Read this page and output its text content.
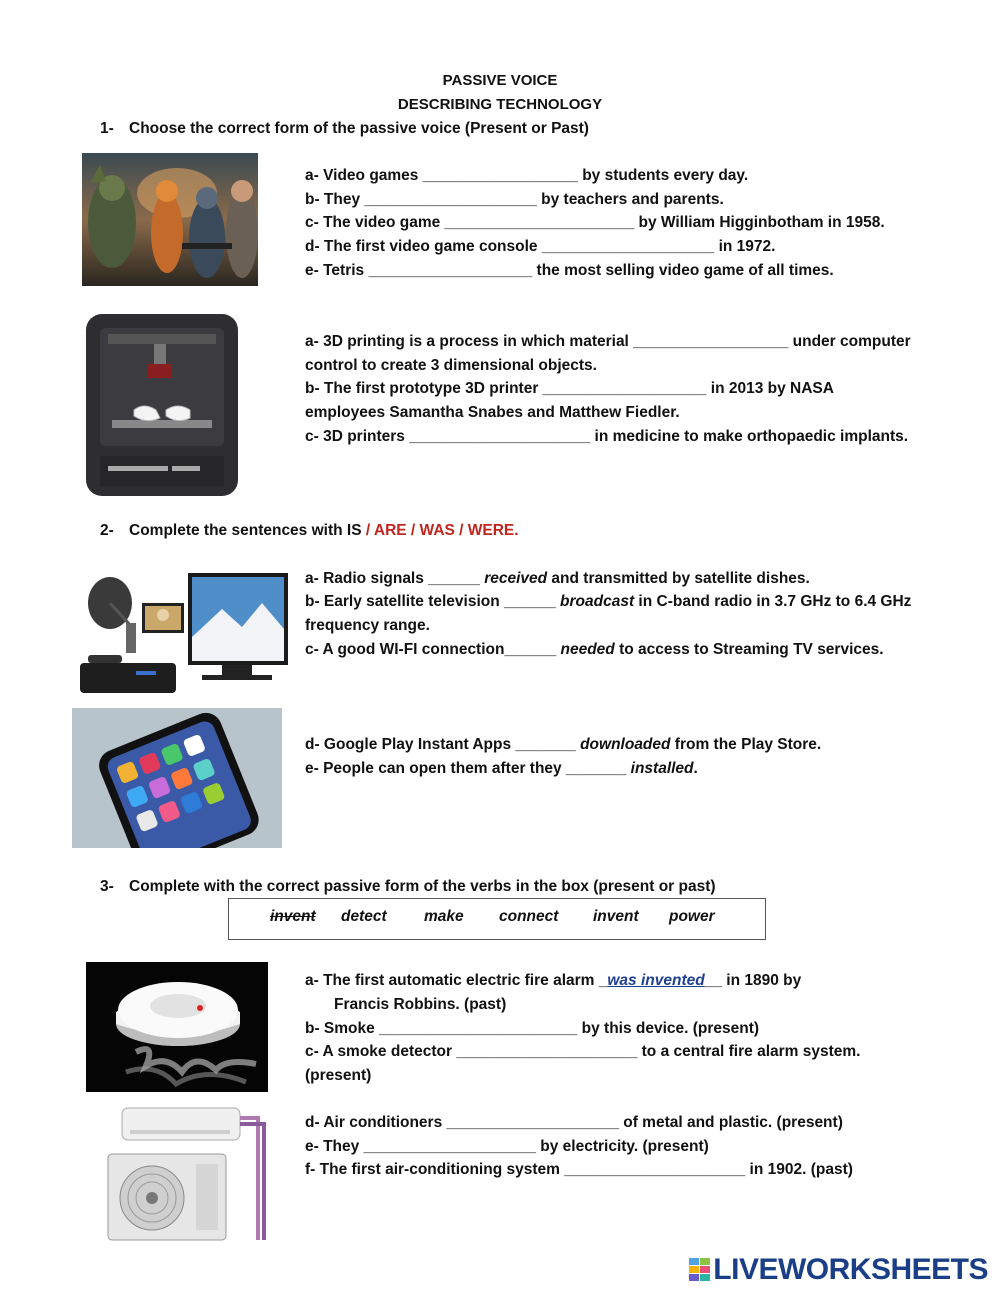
PASSIVE VOICE
DESCRIBING TECHNOLOGY
1- Choose the correct form of the passive voice (Present or Past)
a- Video games __________________ by students every day.
b- They ____________________ by teachers and parents.
c- The video game ______________________ by William Higginbotham in 1958.
d- The first video game console ____________________ in 1972.
e- Tetris ___________________ the most selling video game of all times.
a- 3D printing is a process in which material __________________ under computer
control to create 3 dimensional objects.
b- The first prototype 3D printer ___________________ in 2013 by NASA
employees Samantha Snabes and Matthew Fiedler.
c- 3D printers _____________________ in medicine to make orthopaedic implants.
2- Complete the sentences with IS / ARE / WAS / WERE.
a- Radio signals ______ received and transmitted by satellite dishes.
b- Early satellite television ______ broadcast in C-band radio in 3.7 GHz to 6.4 GHz
frequency range.
c- A good WI-FI connection______ needed to access to Streaming TV services.
d- Google Play Instant Apps _______ downloaded from the Play Store.
e- People can open them after they _______ installed.
3- Complete with the correct passive form of the verbs in the box (present or past)
invent detect make connect invent power
a- The first automatic electric fire alarm _was invented__ in 1890 by
Francis Robbins. (past)
b- Smoke _______________________ by this device. (present)
c- A smoke detector _____________________ to a central fire alarm system.
(present)
d- Air conditioners ____________________ of metal and plastic. (present)
e- They ____________________ by electricity. (present)
f- The first air-conditioning system _____________________ in 1902. (past)
LIVEWORKSHEETS
